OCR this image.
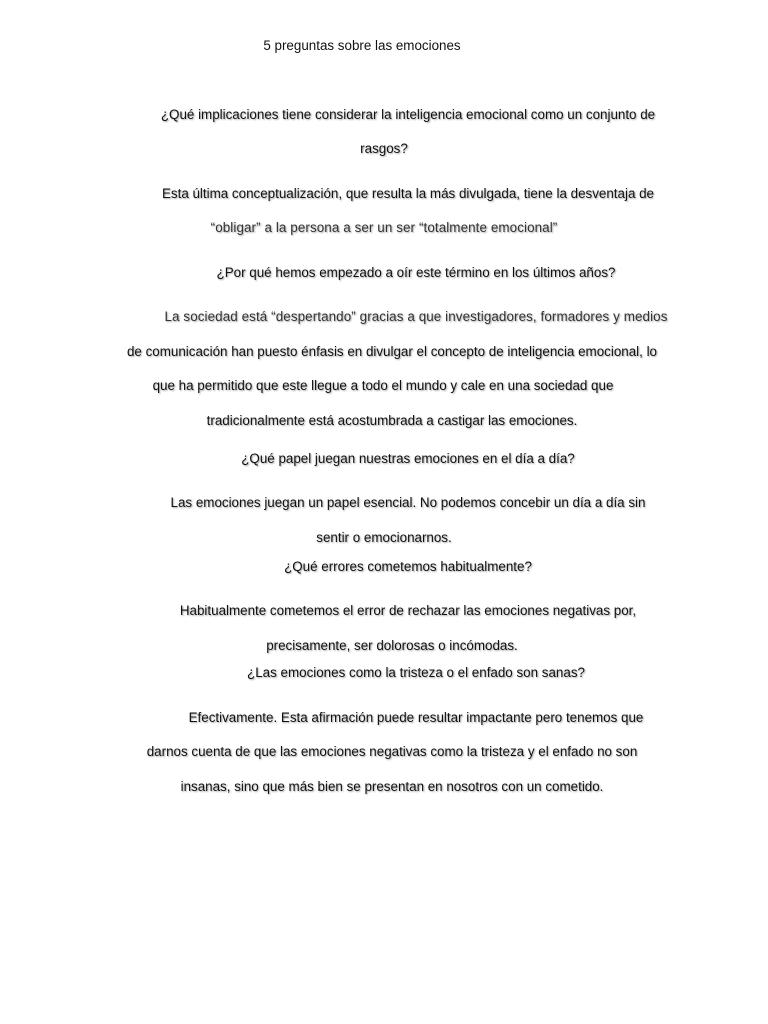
5 preguntas sobre las emociones
¿Qué implicaciones tiene considerar la inteligencia emocional como un conjunto de
rasgos?
Esta última conceptualización, que resulta la más divulgada, tiene la desventaja de
“obligar” a la persona a ser un ser “totalmente emocional”
¿Por qué hemos empezado a oír este término en los últimos años?
La sociedad está “despertando” gracias a que investigadores, formadores y medios
de comunicación han puesto énfasis en divulgar el concepto de inteligencia emocional, lo
que ha permitido que este llegue a todo el mundo y cale en una sociedad que
tradicionalmente está acostumbrada a castigar las emociones.
¿Qué papel juegan nuestras emociones en el día a día?
Las emociones juegan un papel esencial. No podemos concebir un día a día sin
sentir o emocionarnos.
¿Qué errores cometemos habitualmente?
Habitualmente cometemos el error de rechazar las emociones negativas por,
precisamente, ser dolorosas o incómodas.
¿Las emociones como la tristeza o el enfado son sanas?
Efectivamente. Esta afirmación puede resultar impactante pero tenemos que
darnos cuenta de que las emociones negativas como la tristeza y el enfado no son
insanas, sino que más bien se presentan en nosotros con un cometido.
